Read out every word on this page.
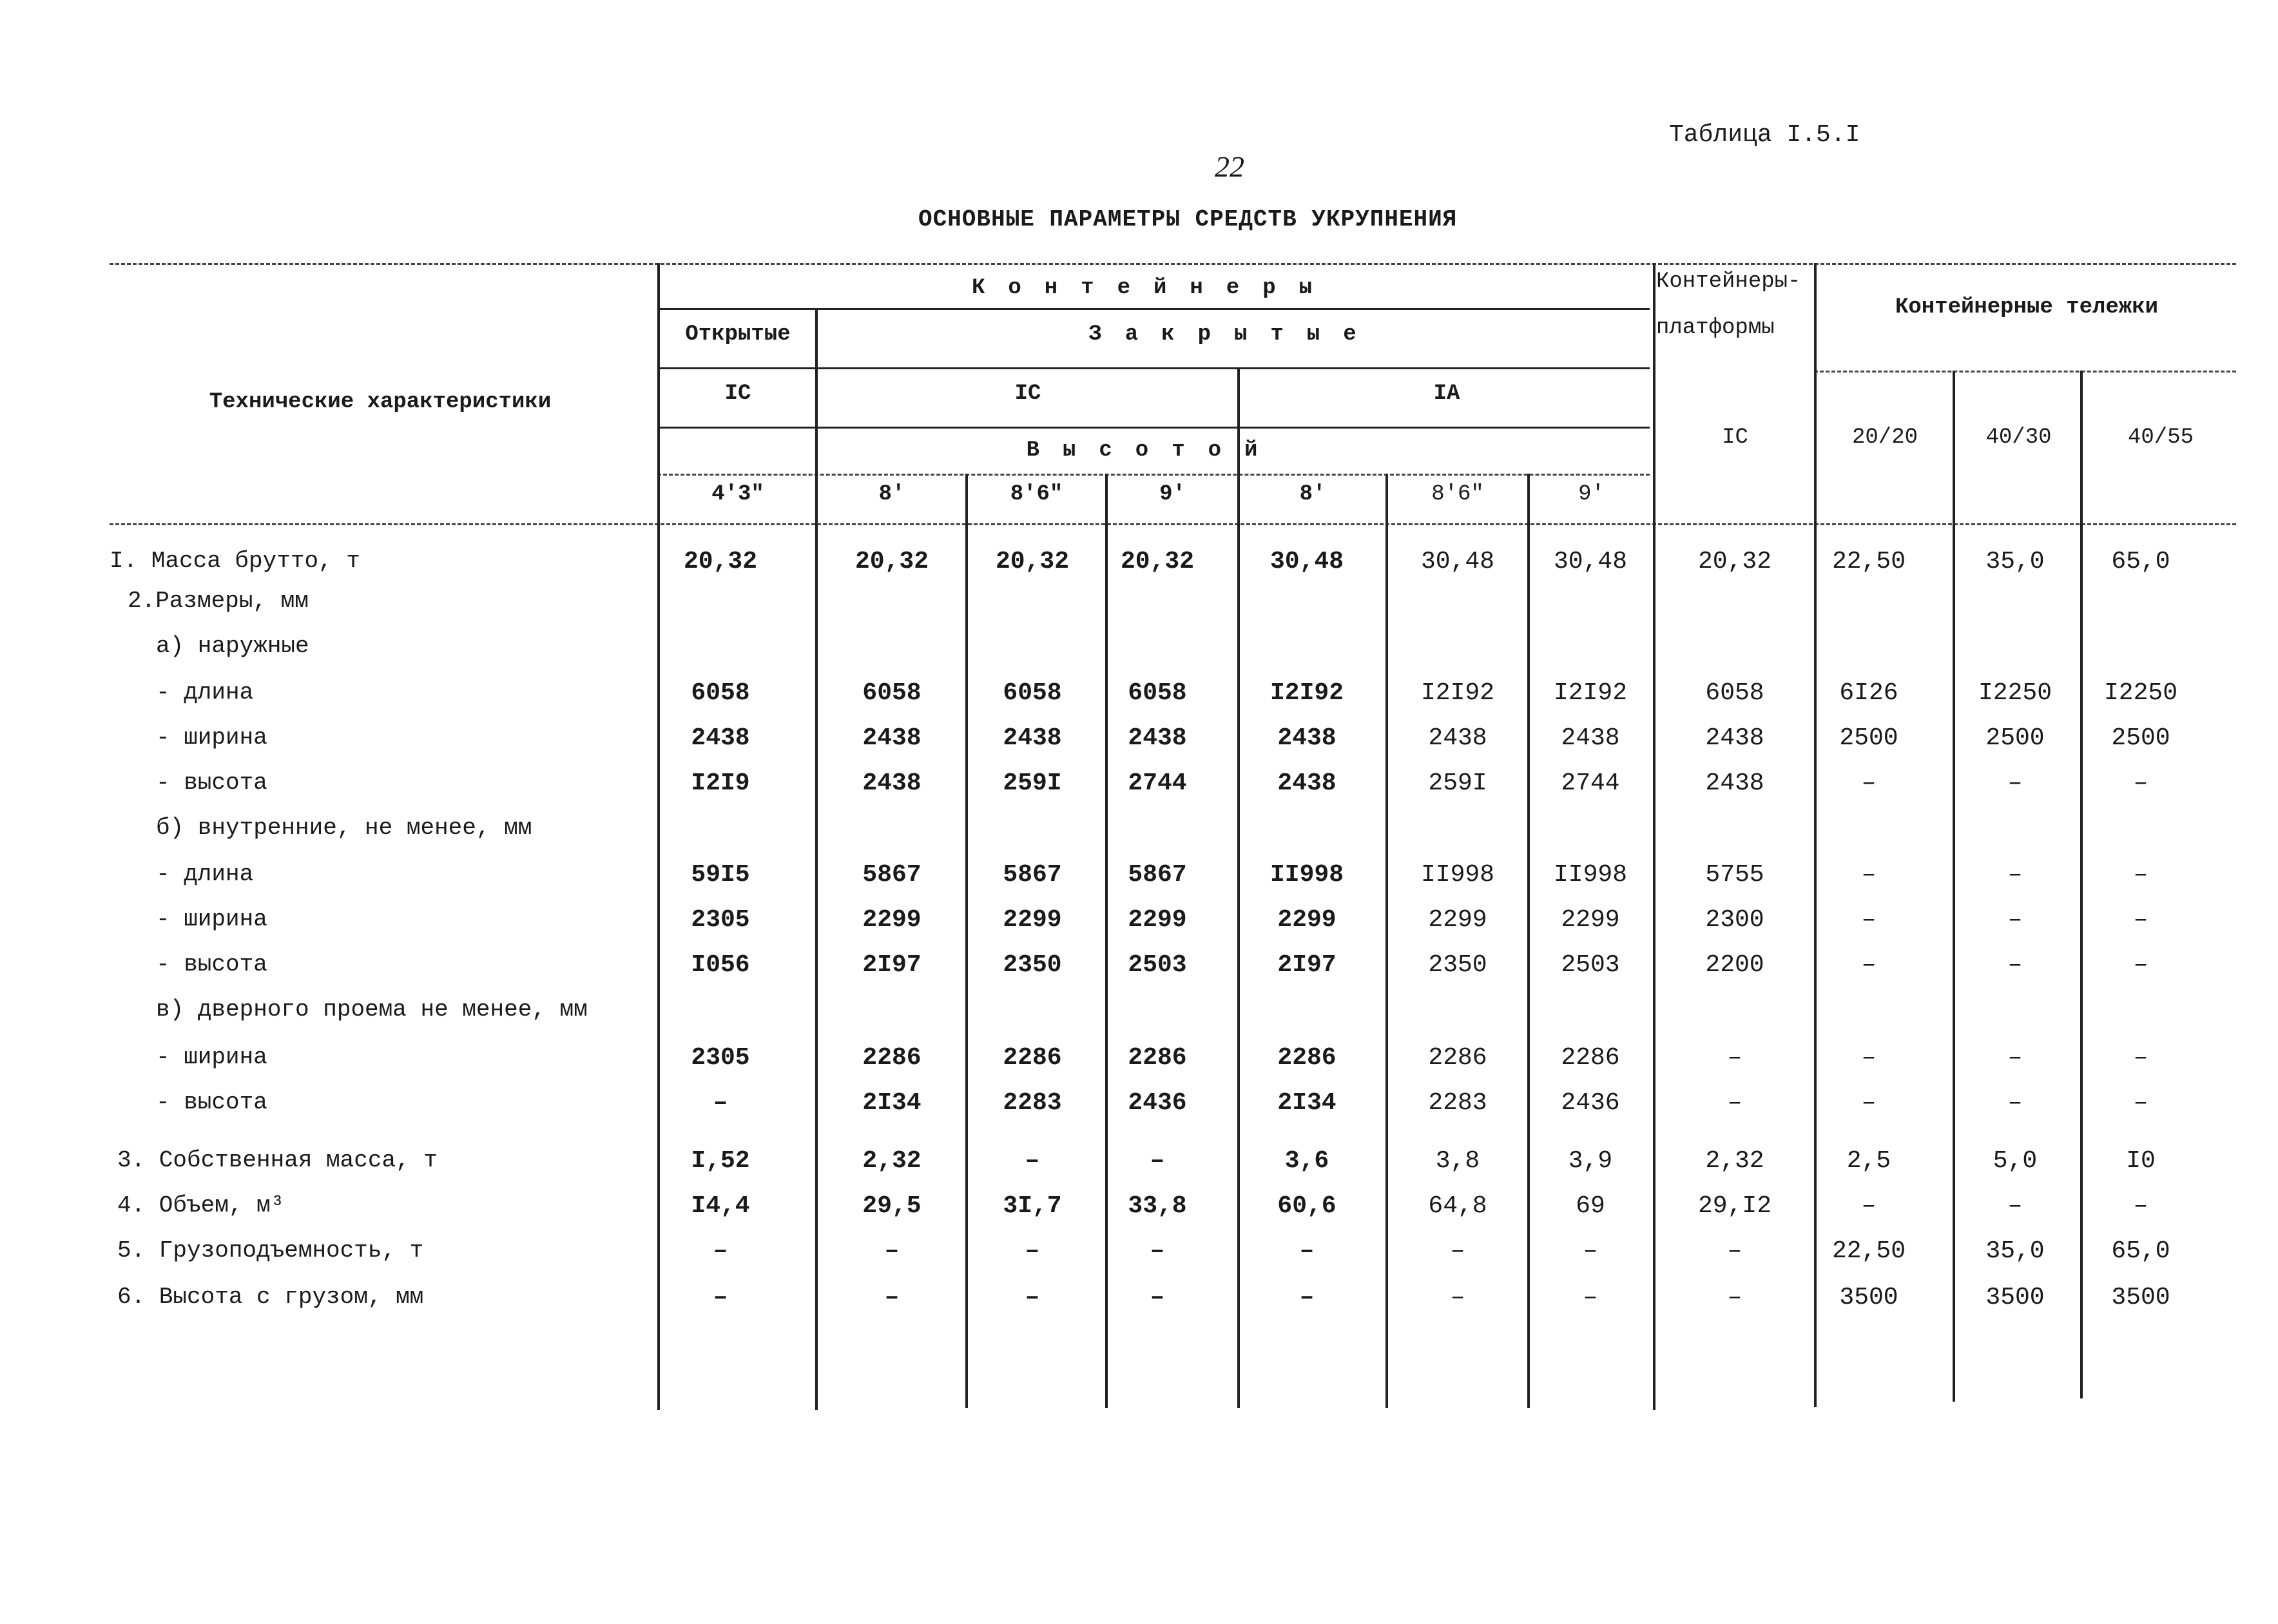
22
Таблица I.5.I
ОСНОВНЫЕ ПАРАМЕТРЫ СРЕДСТВ УКРУПНЕНИЯ
Технические характеристики
Контейнеры
Открытые	Закрытые
IC	IC	IA
Высотой
Контейнеры-
платформы
IC
Контейнерные тележки
20/20	40/30	40/55
4'3"	8'	8'6"	9'	8'	8'6"	9'
I. Масса брутто, т	20,32	20,32	20,32	20,32	30,48	30,48	30,48	20,32	22,50	35,0	65,0
2.Размеры, мм
а) наружные
- длина	6058	6058	6058	6058	I2I92	I2I92	I2I92	6058	6I26	I2250	I2250
- ширина	2438	2438	2438	2438	2438	2438	2438	2438	2500	2500	2500
- высота	I2I9	2438	259I	2744	2438	259I	2744	2438	–	–	–
б) внутренние, не менее, мм
- длина	59I5	5867	5867	5867	II998	II998	II998	5755	–	–	–
- ширина	2305	2299	2299	2299	2299	2299	2299	2300	–	–	–
- высота	I056	2I97	2350	2503	2I97	2350	2503	2200	–	–	–
в) дверного проема не менее, мм
- ширина	2305	2286	2286	2286	2286	2286	2286	–	–	–	–
- высота	–	2I34	2283	2436	2I34	2283	2436	–	–	–	–
3. Собственная масса, т	I,52	2,32	–	–	3,6	3,8	3,9	2,32	2,5	5,0	I0
4. Объем, м³	I4,4	29,5	3I,7	33,8	60,6	64,8	69	29,I2	–	–	–
5. Грузоподъемность, т	–	–	–	–	–	–	–	–	22,50	35,0	65,0
6. Высота с грузом, мм	–	–	–	–	–	–	–	–	3500	3500	3500
